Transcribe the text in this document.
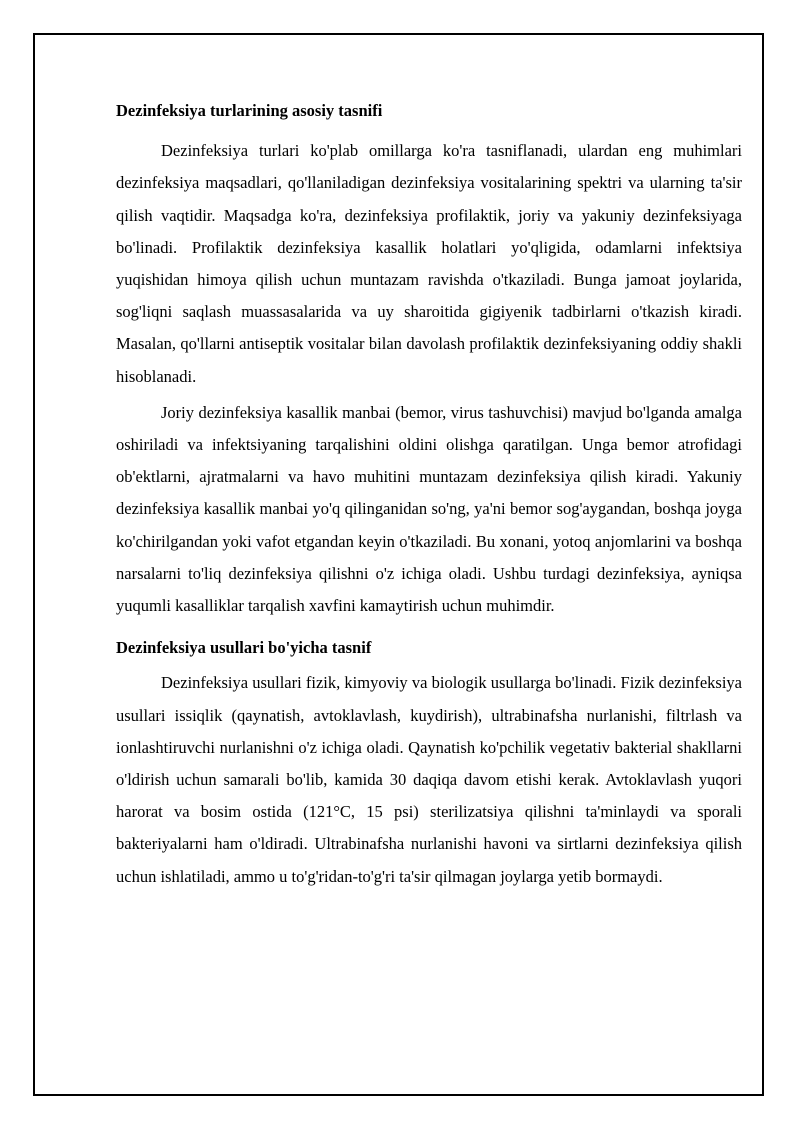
Dezinfeksiya turlarining asosiy tasnifi

Dezinfeksiya turlari ko'plab omillarga ko'ra tasniflanadi, ulardan eng muhimlari dezinfeksiya maqsadlari, qo'llaniladigan dezinfeksiya vositalarining spektri va ularning ta'sir qilish vaqtidir. Maqsadga ko'ra, dezinfeksiya profilaktik, joriy va yakuniy dezinfeksiyaga bo'linadi. Profilaktik dezinfeksiya kasallik holatlari yo'qligida, odamlarni infektsiya yuqishidan himoya qilish uchun muntazam ravishda o'tkaziladi. Bunga jamoat joylarida, sog'liqni saqlash muassasalarida va uy sharoitida gigiyenik tadbirlarni o'tkazish kiradi. Masalan, qo'llarni antiseptik vositalar bilan davolash profilaktik dezinfeksiyaning oddiy shakli hisoblanadi.

Joriy dezinfeksiya kasallik manbai (bemor, virus tashuvchisi) mavjud bo'lganda amalga oshiriladi va infektsiyaning tarqalishini oldini olishga qaratilgan. Unga bemor atrofidagi ob'ektlarni, ajratmalarni va havo muhitini muntazam dezinfeksiya qilish kiradi. Yakuniy dezinfeksiya kasallik manbai yo'q qilinganidan so'ng, ya'ni bemor sog'aygandan, boshqa joyga ko'chirilgandan yoki vafot etgandan keyin o'tkaziladi. Bu xonani, yotoq anjomlarini va boshqa narsalarni to'liq dezinfeksiya qilishni o'z ichiga oladi. Ushbu turdagi dezinfeksiya, ayniqsa yuqumli kasalliklar tarqalish xavfini kamaytirish uchun muhimdir.

Dezinfeksiya usullari bo'yicha tasnif

Dezinfeksiya usullari fizik, kimyoviy va biologik usullarga bo'linadi. Fizik dezinfeksiya usullari issiqlik (qaynatish, avtoklavlash, kuydirish), ultrabinafsha nurlanishi, filtrlash va ionlashtiruvchi nurlanishni o'z ichiga oladi. Qaynatish ko'pchilik vegetativ bakterial shakllarni o'ldirish uchun samarali bo'lib, kamida 30 daqiqa davom etishi kerak. Avtoklavlash yuqori harorat va bosim ostida (121°C, 15 psi) sterilizatsiya qilishni ta'minlaydi va sporali bakteriyalarni ham o'ldiradi. Ultrabinafsha nurlanishi havoni va sirtlarni dezinfeksiya qilish uchun ishlatiladi, ammo u to'g'ridan-to'g'ri ta'sir qilmagan joylarga yetib bormaydi.
